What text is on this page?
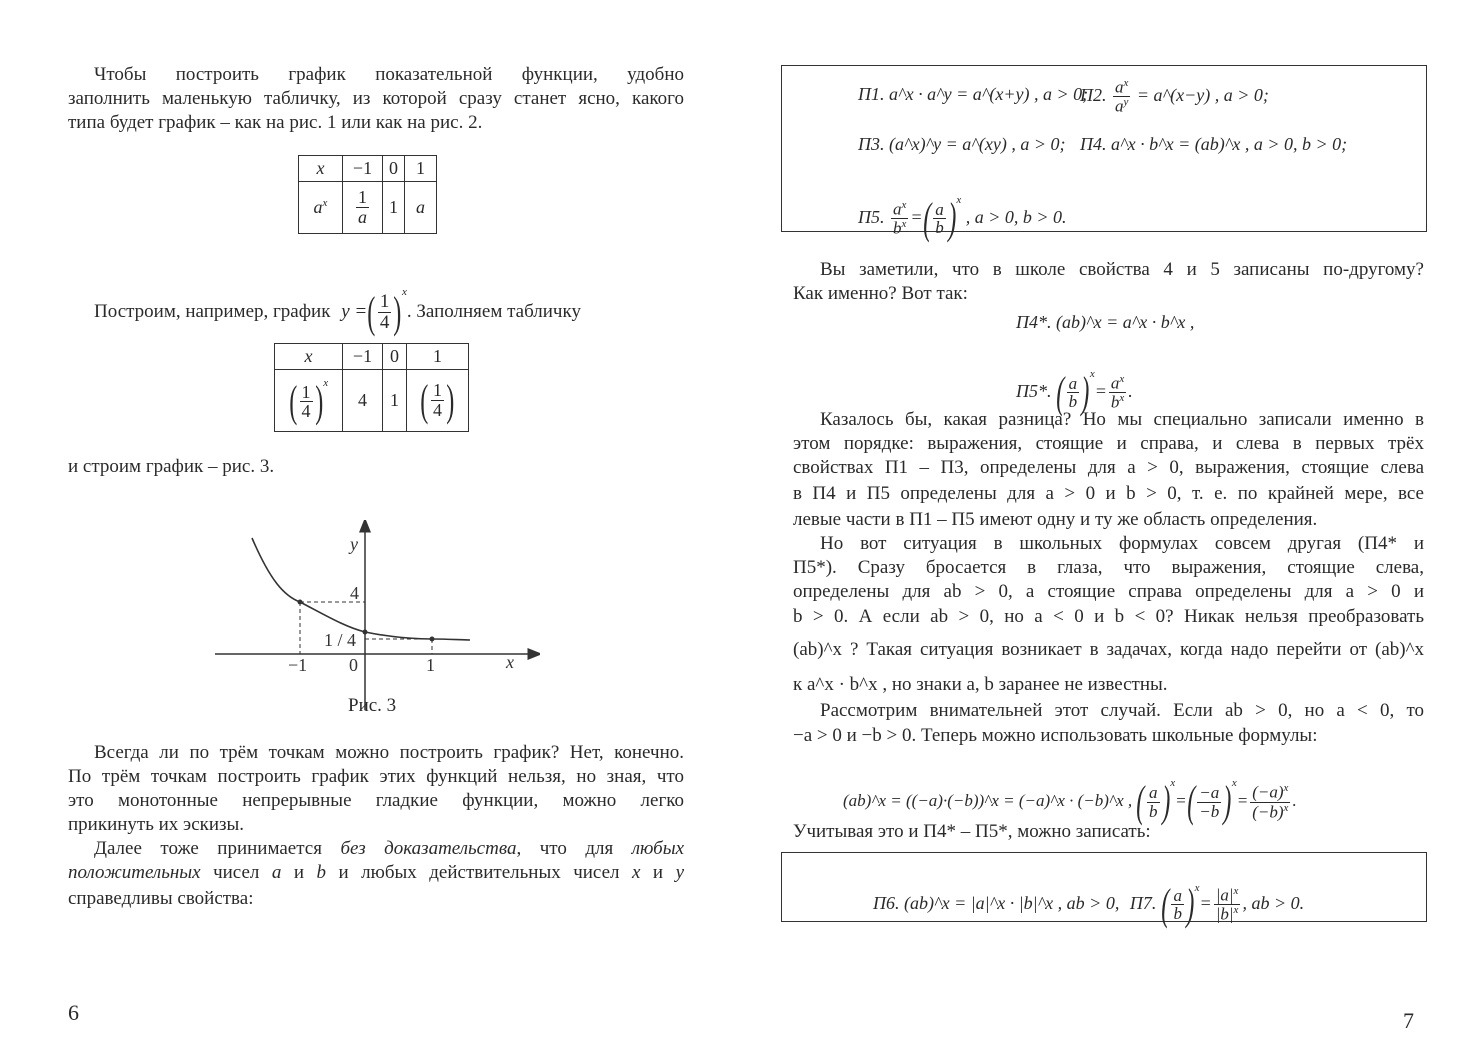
Чтобы построить график показательной функции, удобно
заполнить маленькую табличку, из которой сразу станет ясно, какого
типа будет график – как на рис. 1 или как на рис. 2.
x	−1	0	1
$a^x$	$\frac{1}{a}$	1	a
Построим, например, график y =( $\frac{1}{4} )^x$. Заполняем табличку
x	−1	0	1
( $\frac{1}{4} )^x$	4	1	( $\frac{1}{4}$ )
и строим график – рис. 3.
y
x
4
1 / 4
−1 0	1
Рис. 3
Всегда ли по трём точкам можно построить график? Нет, конечно.
По трём точкам построить график этих функций нельзя, но зная, что
это монотонные непрерывные гладкие функции, можно легко
прикинуть их эскизы.
Далее тоже принимается без доказательства, что для любых
положительных чисел a и b и любых действительных чисел x и y
справедливы свойства:
6
П1. a^x · a^y = a^(x+y) , a > 0;
П2. $\frac{a^x}{a^y}$ = a^(x−y) , a > 0;
П3. (a^x)^y = a^(xy) , a > 0; П4. a^x · b^x = (ab)^x , a > 0, b > 0;
П5. $\frac{a^x}{b^x}$ =( $\frac{a}{b} )^x$ , a > 0, b > 0.
Вы заметили, что в школе свойства 4 и 5 записаны по-другому?
Как именно? Вот так:
П4*. (ab)^x = a^x · b^x ,
П5*. ( $\frac{a}{b} )^x= \frac{a^x}{b^x}$ .
Казалось бы, какая разница? Но мы специально записали именно в
этом порядке: выражения, стоящие и справа, и слева в первых трёх
свойствах П1 – П3, определены для a > 0, выражения, стоящие слева
в П4 и П5 определены для a > 0 и b > 0, т. е. по крайней мере, все
левые части в П1 – П5 имеют одну и ту же область определения.
Но вот ситуация в школьных формулах совсем другая (П4* и
П5*). Сразу бросается в глаза, что выражения, стоящие слева,
определены для ab > 0, а стоящие справа определены для a > 0 и
b > 0. А если ab > 0, но a < 0 и b < 0? Никак нельзя преобразовать
(ab)^x ? Такая ситуация возникает в задачах, когда надо перейти от (ab)^x
к a^x · b^x , но знаки a, b заранее не известны.
Рассмотрим внимательней этот случай. Если ab > 0, но a < 0, то
−a > 0 и −b > 0. Теперь можно использовать школьные формулы:
(ab)^x = ((−a)·(−b))^x = (−a)^x · (−b)^x , ( $\frac{a}{b} )^x=( \frac{-a}{-b} )^x= \frac{(-a)^x}{(-b)^x}$ .
Учитывая это и П4* – П5*, можно записать:
П6. (ab)^x = |a|^x · |b|^x , ab > 0, П7. ( $\frac{a}{b} )^x= \frac{|a|^x}{|b|^x}$ , ab > 0.
7
